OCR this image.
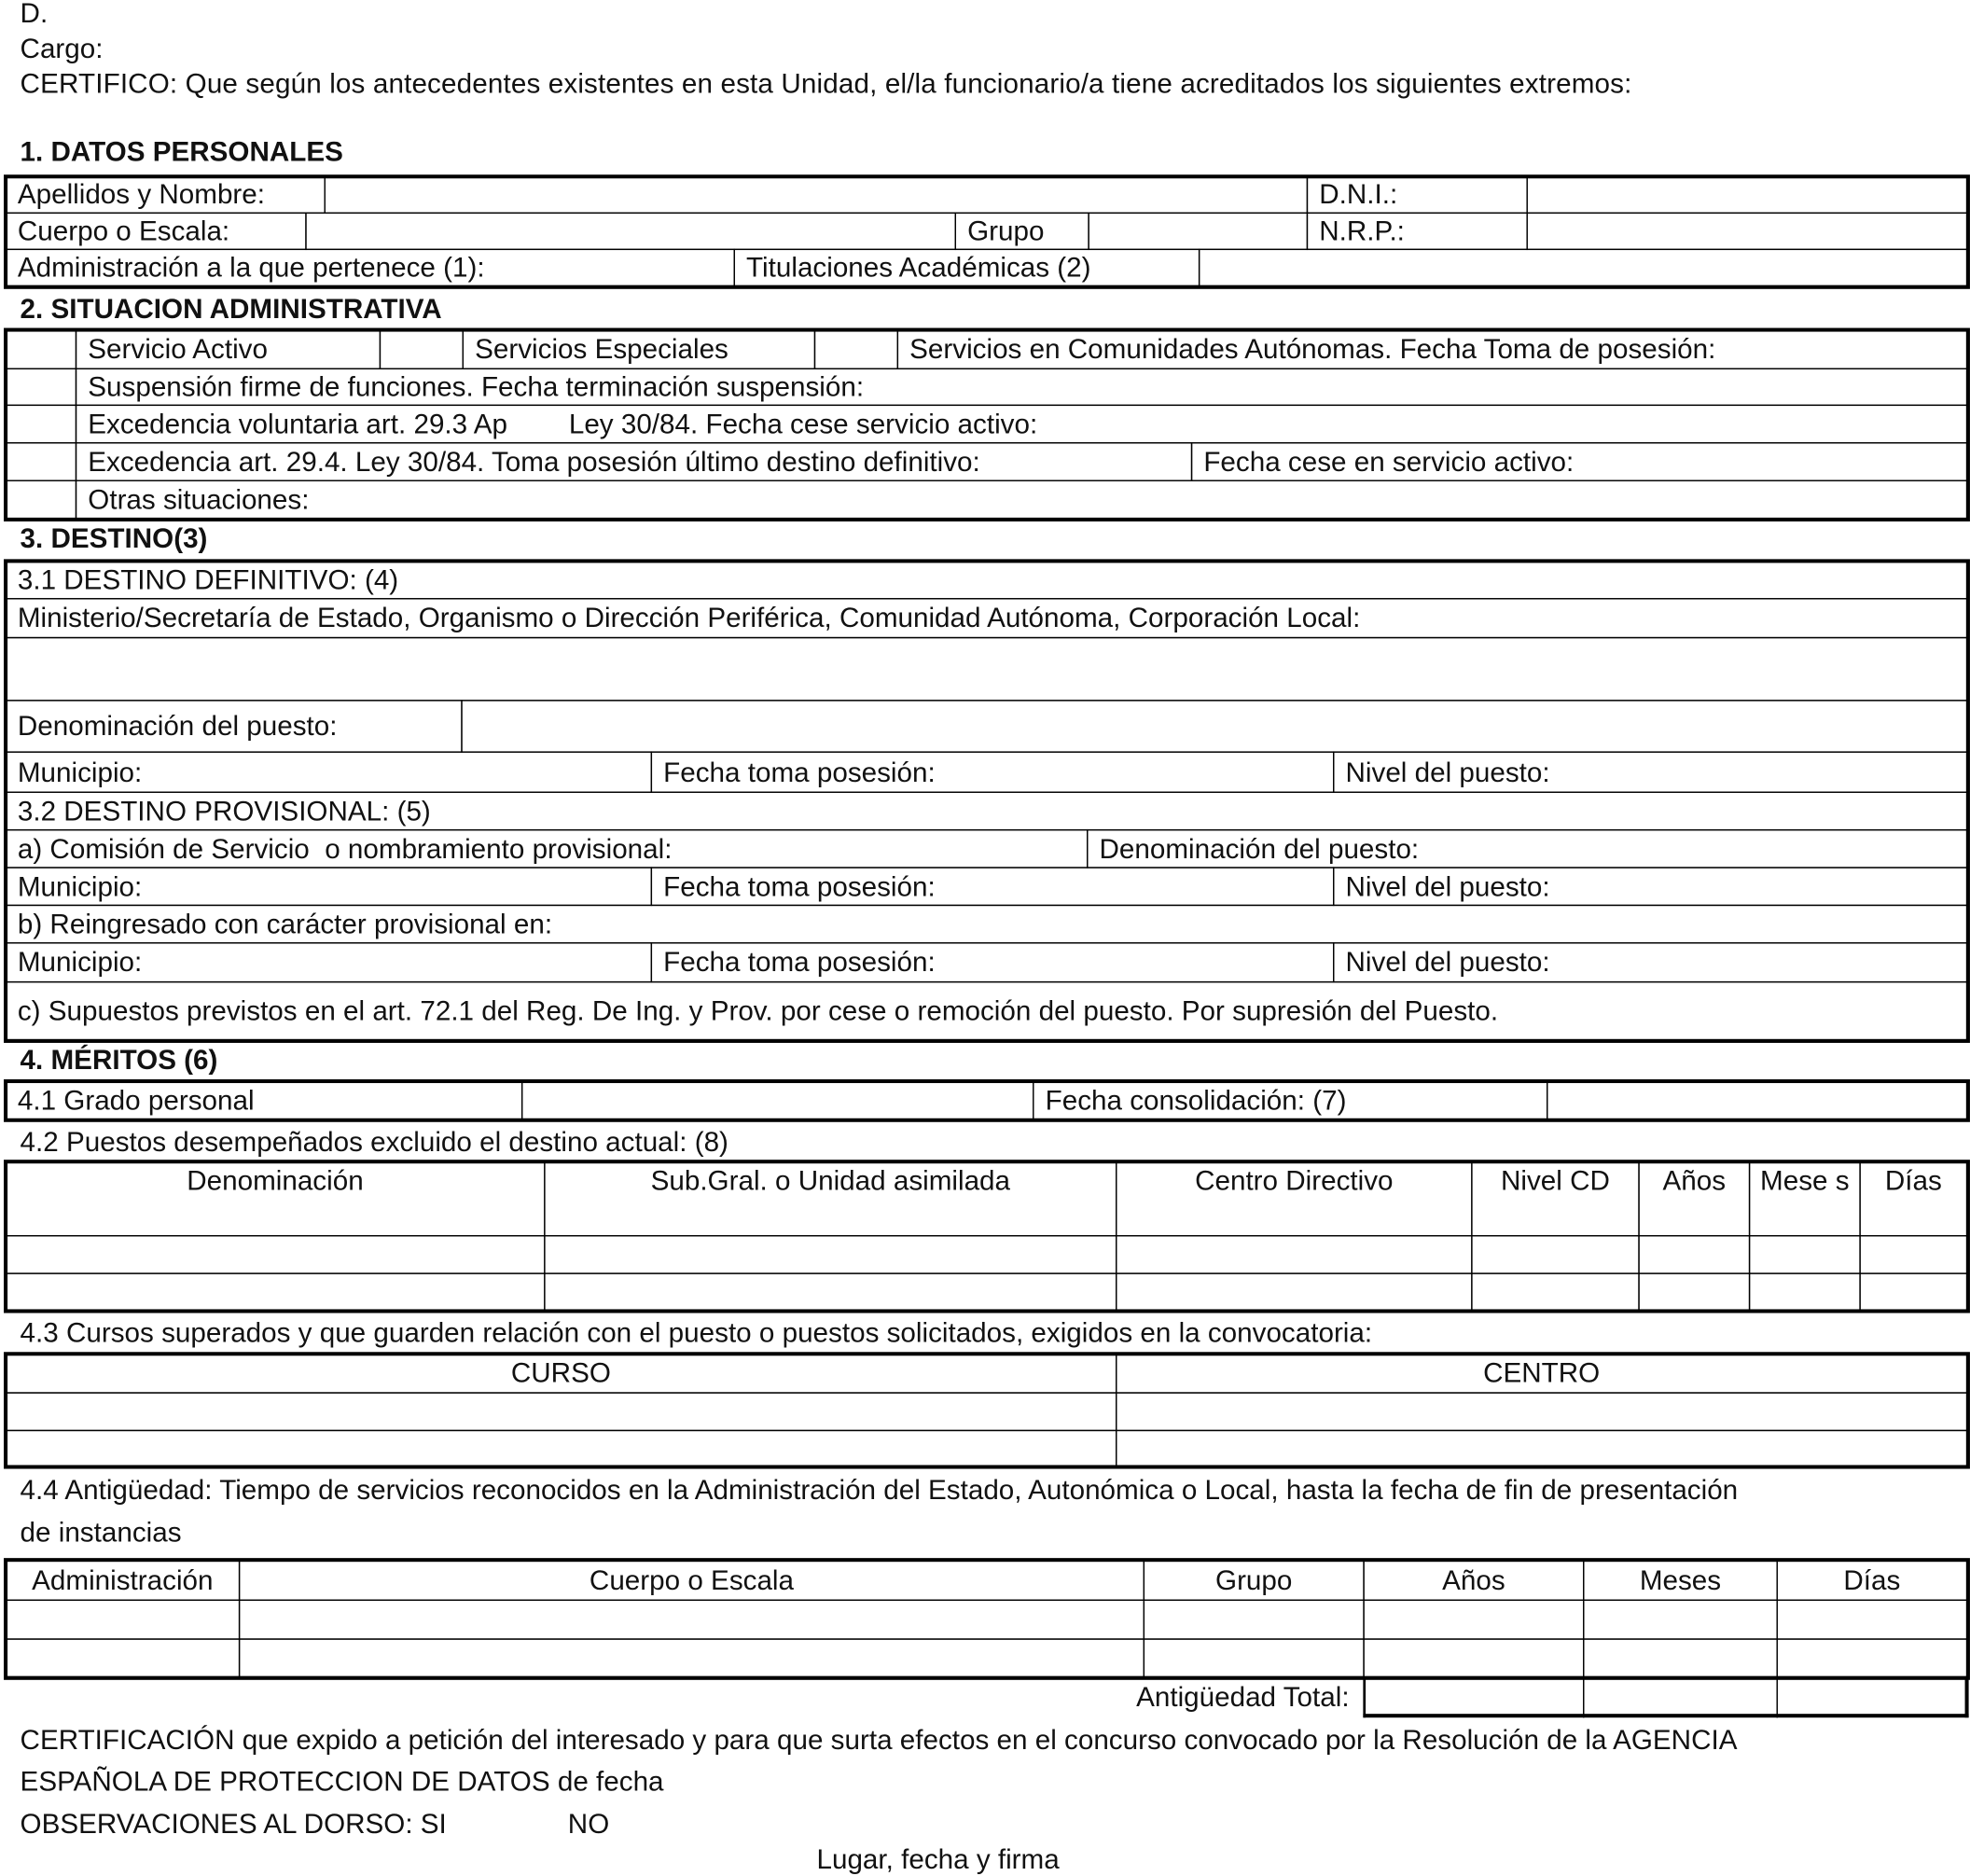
D.
Cargo:
CERTIFICO: Que según los antecedentes existentes en esta Unidad, el/la funcionario/a tiene acreditados los siguientes extremos:
1. DATOS PERSONALES
Apellidos y Nombre:	D.N.I.:
Cuerpo o Escala:	Grupo	N.R.P.:
Administración a la que pertenece (1):	Titulaciones Académicas (2)
2. SITUACION ADMINISTRATIVA
Servicio Activo	Servicios Especiales	Servicios en Comunidades Autónomas. Fecha Toma de posesión:
Suspensión firme de funciones. Fecha terminación suspensión:
Excedencia voluntaria art. 29.3 Ap        Ley 30/84. Fecha cese servicio activo:
Excedencia art. 29.4. Ley 30/84. Toma posesión último destino definitivo:	Fecha cese en servicio activo:
Otras situaciones:
3. DESTINO(3)
3.1 DESTINO DEFINITIVO: (4)
Ministerio/Secretaría de Estado, Organismo o Dirección Periférica, Comunidad Autónoma, Corporación Local:
Denominación del puesto:
Municipio:	Fecha toma posesión:	Nivel del puesto:
3.2 DESTINO PROVISIONAL: (5)
a) Comisión de Servicio  o nombramiento provisional:	Denominación del puesto:
Municipio:	Fecha toma posesión:	Nivel del puesto:
b) Reingresado con carácter provisional en:
Municipio:	Fecha toma posesión:	Nivel del puesto:
c) Supuestos previstos en el art. 72.1 del Reg. De Ing. y Prov. por cese o remoción del puesto. Por supresión del Puesto.
4. MÉRITOS (6)
4.1 Grado personal	Fecha consolidación: (7)
4.2 Puestos desempeñados excluido el destino actual: (8)
Denominación	Sub.Gral. o Unidad asimilada	Centro Directivo	Nivel CD	Años	Mese s	Días
4.3 Cursos superados y que guarden relación con el puesto o puestos solicitados, exigidos en la convocatoria:
CURSO	CENTRO
4.4 Antigüedad: Tiempo de servicios reconocidos en la Administración del Estado, Autonómica o Local, hasta la fecha de fin de presentación
de instancias
Administración	Cuerpo o Escala	Grupo	Años	Meses	Días
Antigüedad Total:
CERTIFICACIÓN que expido a petición del interesado y para que surta efectos en el concurso convocado por la Resolución de la AGENCIA
ESPAÑOLA DE PROTECCION DE DATOS de fecha
OBSERVACIONES AL DORSO: SI	NO
Lugar, fecha y firma
